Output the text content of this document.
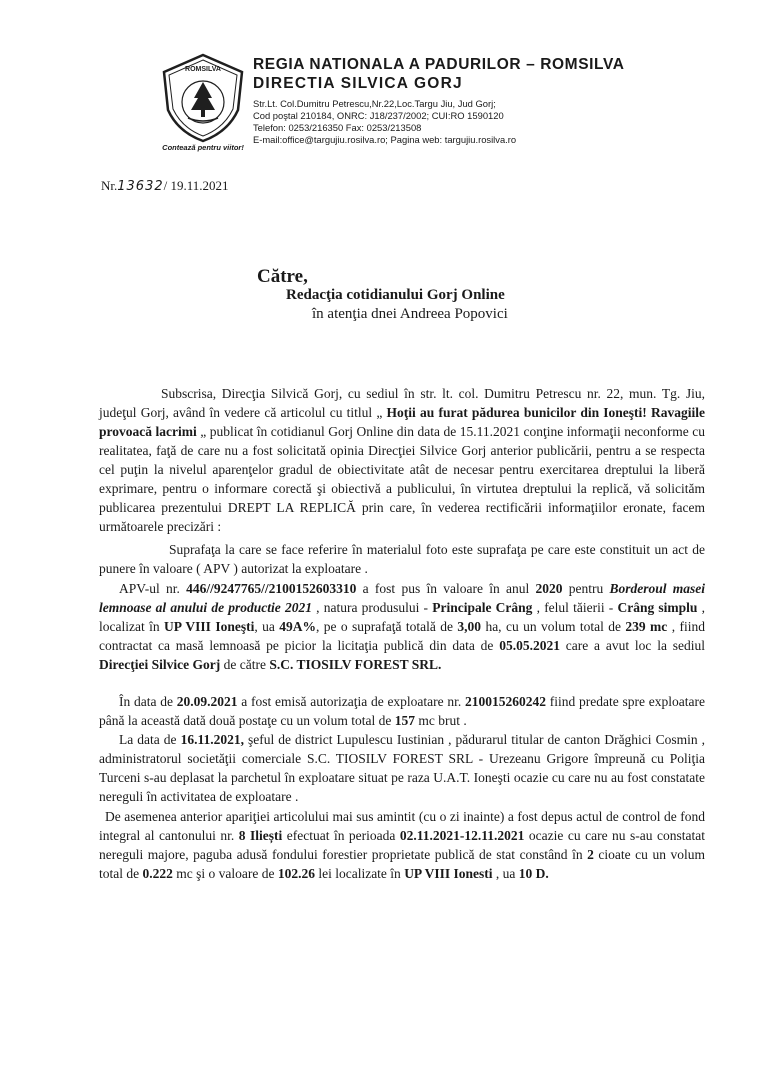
ROMSILVA
Contează pentru viitor!
REGIA NATIONALA A PADURILOR – ROMSILVA
DIRECTIA SILVICA GORJ
Str.Lt. Col.Dumitru Petrescu,Nr.22,Loc.Targu Jiu, Jud Gorj;
Cod poştal 210184, ONRC: J18/237/2002; CUI:RO 1590120
Telefon: 0253/216350 Fax: 0253/213508
E-mail:office@targujiu.rosilva.ro; Pagina web: targujiu.rosilva.ro
Nr.13632/ 19.11.2021
Către,
Redacţia cotidianului Gorj Online
în atenţia dnei Andreea Popovici

Subscrisa, Direcţia Silvică Gorj, cu sediul în str. lt. col. Dumitru Petrescu nr. 22, mun. Tg. Jiu, judeţul Gorj, având în vedere că articolul cu titlul „ Hoţii au furat pădurea bunicilor din Ioneşti! Ravagiile provoacă lacrimi „ publicat în cotidianul Gorj Online din data de 15.11.2021 conţine informaţii neconforme cu realitatea, faţă de care nu a fost solicitată opinia Direcţiei Silvice Gorj anterior publicării, pentru a se respecta cel puţin la nivelul aparenţelor gradul de obiectivitate atât de necesar pentru exercitarea dreptului la liberă exprimare, pentru o informare corectă şi obiectivă a publicului, în virtutea dreptului la replică, vă solicităm publicarea prezentului DREPT LA REPLICĂ prin care, în vederea rectificării informaţiilor eronate, facem următoarele precizări :

Suprafaţa la care se face referire în materialul foto este suprafaţa pe care este constituit un act de punere în valoare ( APV ) autorizat la exploatare .

APV-ul nr. 446//9247765//2100152603310 a fost pus în valoare în anul 2020 pentru Borderoul masei lemnoase al anului de productie 2021 , natura produsului - Principale Crâng , felul tăierii - Crâng simplu , localizat în UP VIII Ioneşti, ua 49A%, pe o suprafaţă totală de 3,00 ha, cu un volum total de 239 mc , fiind contractat ca masă lemnoasă pe picior la licitaţia publică din data de 05.05.2021 care a avut loc la sediul Direcţiei Silvice Gorj de către S.C. TIOSILV FOREST SRL.

În data de 20.09.2021 a fost emisă autorizaţia de exploatare nr. 210015260242 fiind predate spre exploatare până la această dată două postaţe cu un volum total de 157 mc brut .

La data de 16.11.2021, şeful de district Lupulescu Iustinian , pădurarul titular de canton Drăghici Cosmin , administratorul societăţii comerciale S.C. TIOSILV FOREST SRL - Urezeanu Grigore împreună cu Poliţia Turceni s-au deplasat la parchetul în exploatare situat pe raza U.A.T. Ioneşti ocazie cu care nu au fost constatate nereguli în activitatea de exploatare .

De asemenea anterior apariţiei articolului mai sus amintit (cu o zi inainte) a fost depus actul de control de fond integral al cantonului nr. 8 Iliești efectuat în perioada 02.11.2021-12.11.2021 ocazie cu care nu s-au constatat nereguli majore, paguba adusă fondului forestier proprietate publică de stat constând în 2 cioate cu un volum total de 0.222 mc şi o valoare de 102.26 lei localizate în UP VIII Ionesti , ua 10 D.
